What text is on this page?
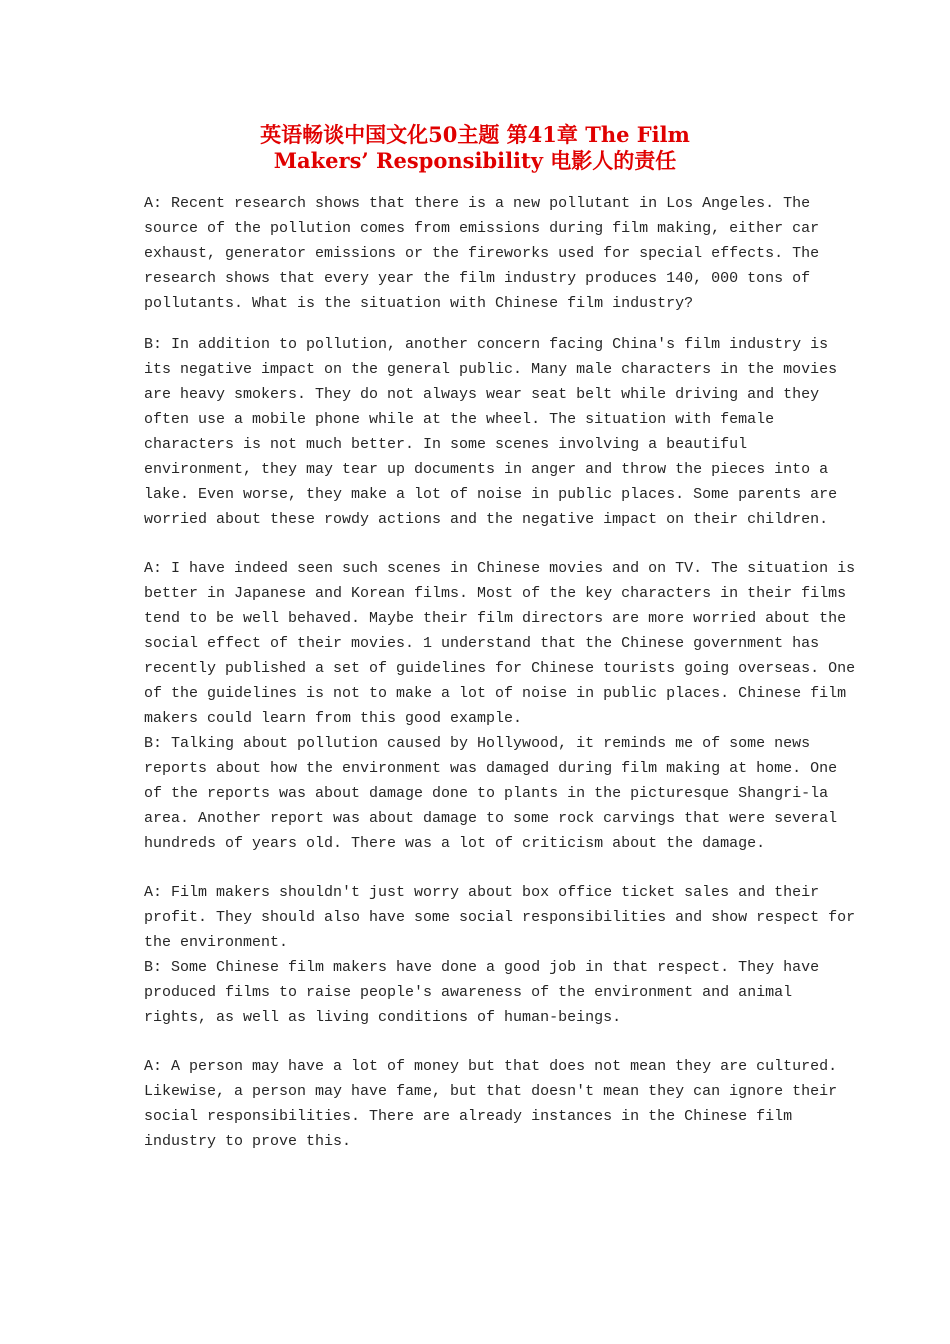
英语畅谈中国文化50主题 第41章 The Film
Makers’ Responsibility 电影人的责任

A: Recent research shows that there is a new pollutant in Los Angeles. The
source of the pollution comes from emissions during film making, either car
exhaust, generator emissions or the fireworks used for special effects. The
research shows that every year the film industry produces 140, 000 tons of
pollutants. What is the situation with Chinese film industry?

B: In addition to pollution, another concern facing China's film industry is
its negative impact on the general public. Many male characters in the movies
are heavy smokers. They do not always wear seat belt while driving and they
often use a mobile phone while at the wheel. The situation with female
characters is not much better. In some scenes involving a beautiful
environment, they may tear up documents in anger and throw the pieces into a
lake. Even worse, they make a lot of noise in public places. Some parents are
worried about these rowdy actions and the negative impact on their children.

A: I have indeed seen such scenes in Chinese movies and on TV. The situation is
better in Japanese and Korean films. Most of the key characters in their films
tend to be well behaved. Maybe their film directors are more worried about the
social effect of their movies. 1 understand that the Chinese government has
recently published a set of guidelines for Chinese tourists going overseas. One
of the guidelines is not to make a lot of noise in public places. Chinese film
makers could learn from this good example.
B: Talking about pollution caused by Hollywood, it reminds me of some news
reports about how the environment was damaged during film making at home. One
of the reports was about damage done to plants in the picturesque Shangri-la
area. Another report was about damage to some rock carvings that were several
hundreds of years old. There was a lot of criticism about the damage.

A: Film makers shouldn't just worry about box office ticket sales and their
profit. They should also have some social responsibilities and show respect for
the environment.
B: Some Chinese film makers have done a good job in that respect. They have
produced films to raise people's awareness of the environment and animal
rights, as well as living conditions of human-beings.

A: A person may have a lot of money but that does not mean they are cultured.
Likewise, a person may have fame, but that doesn't mean they can ignore their
social responsibilities. There are already instances in the Chinese film
industry to prove this.
